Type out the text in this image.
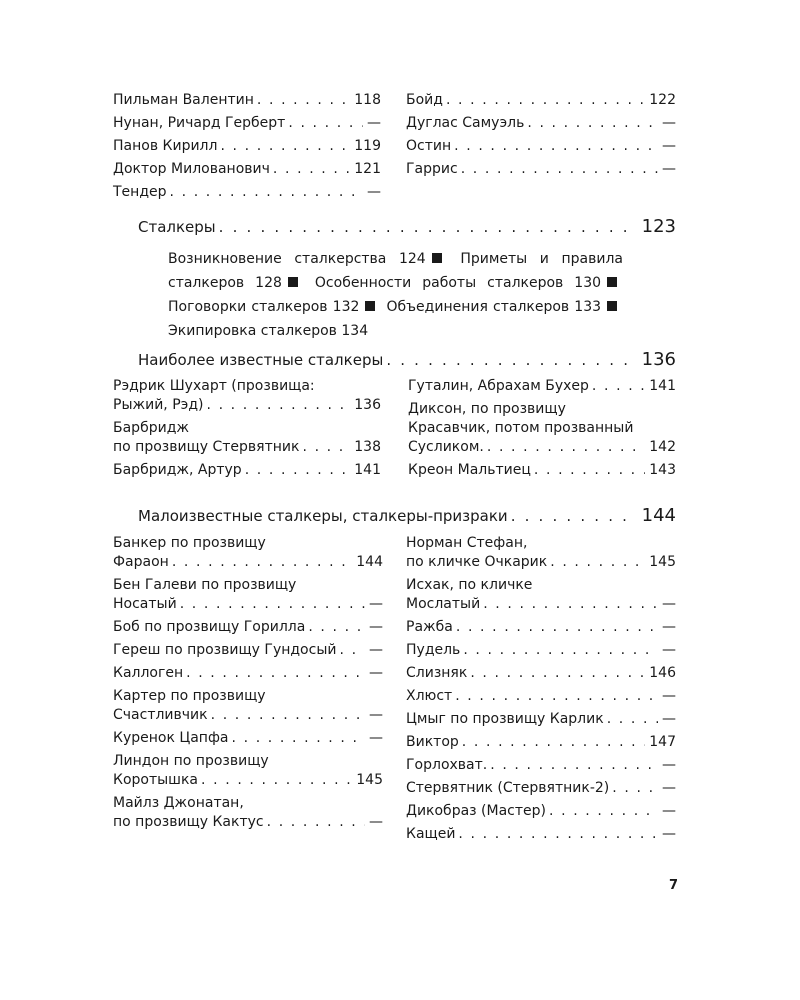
Пильман Валентин . . .	118
Нунан, Ричард Герберт . . .	—
Панов Кирилл . . .	119
Доктор Милованович . . .	121
Тендер . . .	—
Бойд . . .	122
Дуглас Самуэль . . .	—
Остин . . .	—
Гаррис . . .	—
Сталкеры . . .	123
Возникновение сталкерства 124 Приметы и правила сталкеров 128 Особенности работы сталкеров 130 Поговорки сталкеров 132 Объединения сталкеров 133 Экипировка сталкеров 134
Наиболее известные сталкеры . . .	136
Рэдрик Шухарт (прозвища:
Рыжий, Рэд) . . .	136
Барбридж
по прозвищу Стервятник . . .	138
Барбридж, Артур . . .	141
Гуталин, Абрахам Бухер . . .	141
Диксон, по прозвищу
Красавчик, потом прозванный
Сусликом. . . .	142
Креон Мальтиец . . .	143
Малоизвестные сталкеры, сталкеры-призраки . . .	144
Банкер по прозвищу
Фараон . . .	144
Бен Галеви по прозвищу
Носатый . . .	—
Боб по прозвищу Горилла . . .	—
Гереш по прозвищу Гундосый . . . —
Каллоген . . .	—
Картер по прозвищу
Счастливчик . . .	—
Куренок Цапфа . . .	—
Линдон по прозвищу
Коротышка . . .	145
Майлз Джонатан,
по прозвищу Кактус . . .	—
Норман Стефан,
по кличке Очкарик . . .	145
Исхак, по кличке
Мослатый . . .	—
Ражба . . .	—
Пудель . . .	—
Слизняк . . .	146
Хлюст . . .	—
Цмыг по прозвищу Карлик . . .	—
Виктор . . .	147
Горлохват. . . .	—
Стервятник (Стервятник-2) . . .	—
Дикобраз (Мастер) . . .	—
Кащей . . .	—
7
